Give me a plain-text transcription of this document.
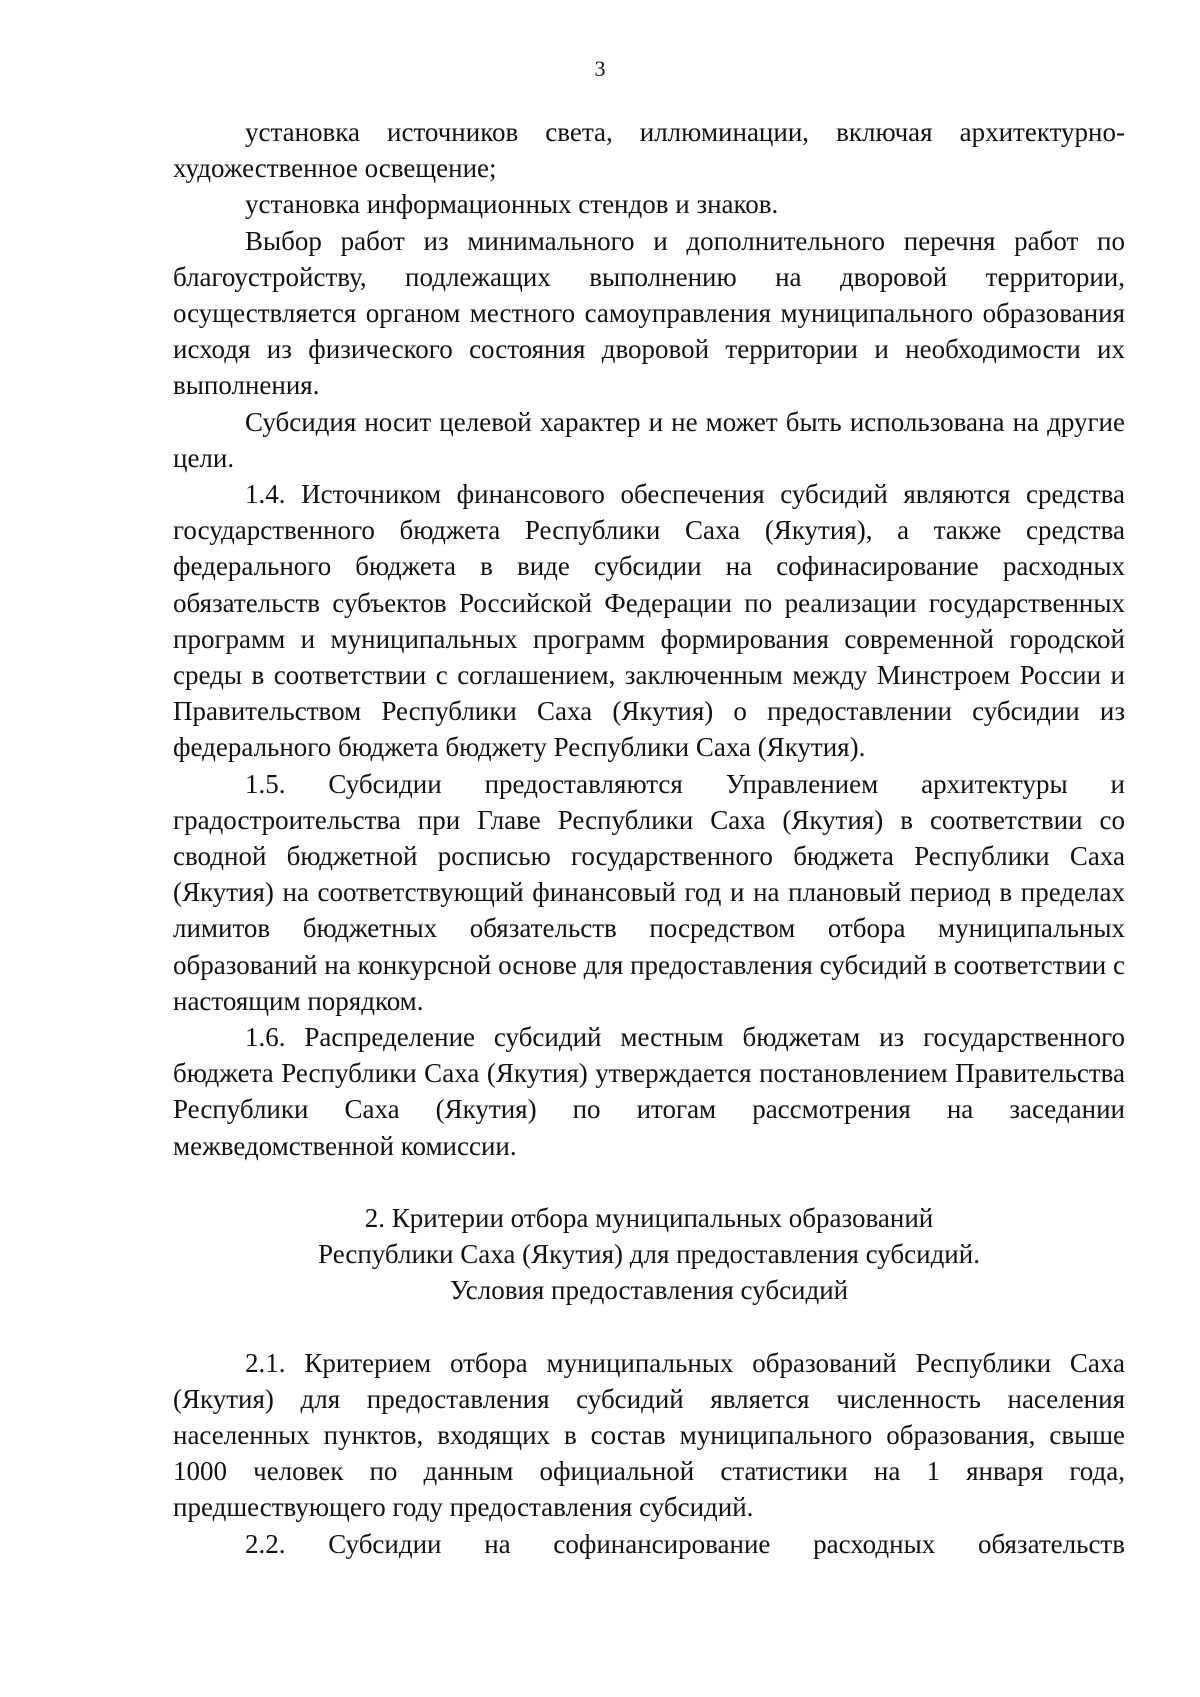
3

установка источников света, иллюминации, включая архитектурно-художественное освещение;

установка информационных стендов и знаков.

Выбор работ из минимального и дополнительного перечня работ по благоустройству, подлежащих выполнению на дворовой территории, осуществляется органом местного самоуправления муниципального образования исходя из физического состояния дворовой территории и необходимости их выполнения.

Субсидия носит целевой характер и не может быть использована на другие цели.

1.4. Источником финансового обеспечения субсидий являются средства государственного бюджета Республики Саха (Якутия), а также средства федерального бюджета в виде субсидии на софинасирование расходных обязательств субъектов Российской Федерации по реализации государственных программ и муниципальных программ формирования современной городской среды в соответствии с соглашением, заключенным между Минстроем России и Правительством Республики Саха (Якутия) о предоставлении субсидии из федерального бюджета бюджету Республики Саха (Якутия).

1.5. Субсидии предоставляются Управлением архитектуры и градостроительства при Главе Республики Саха (Якутия) в соответствии со сводной бюджетной росписью государственного бюджета Республики Саха (Якутия) на соответствующий финансовый год и на плановый период в пределах лимитов бюджетных обязательств посредством отбора муниципальных образований на конкурсной основе для предоставления субсидий в соответствии с настоящим порядком.

1.6. Распределение субсидий местным бюджетам из государственного бюджета Республики Саха (Якутия) утверждается постановлением Правительства Республики Саха (Якутия) по итогам рассмотрения на заседании межведомственной комиссии.

2. Критерии отбора муниципальных образований
Республики Саха (Якутия) для предоставления субсидий.
Условия предоставления субсидий

2.1. Критерием отбора муниципальных образований Республики Саха (Якутия) для предоставления субсидий является численность населения населенных пунктов, входящих в состав муниципального образования, свыше 1000 человек по данным официальной статистики на 1 января года, предшествующего году предоставления субсидий.

2.2. Субсидии на софинансирование расходных обязательств
